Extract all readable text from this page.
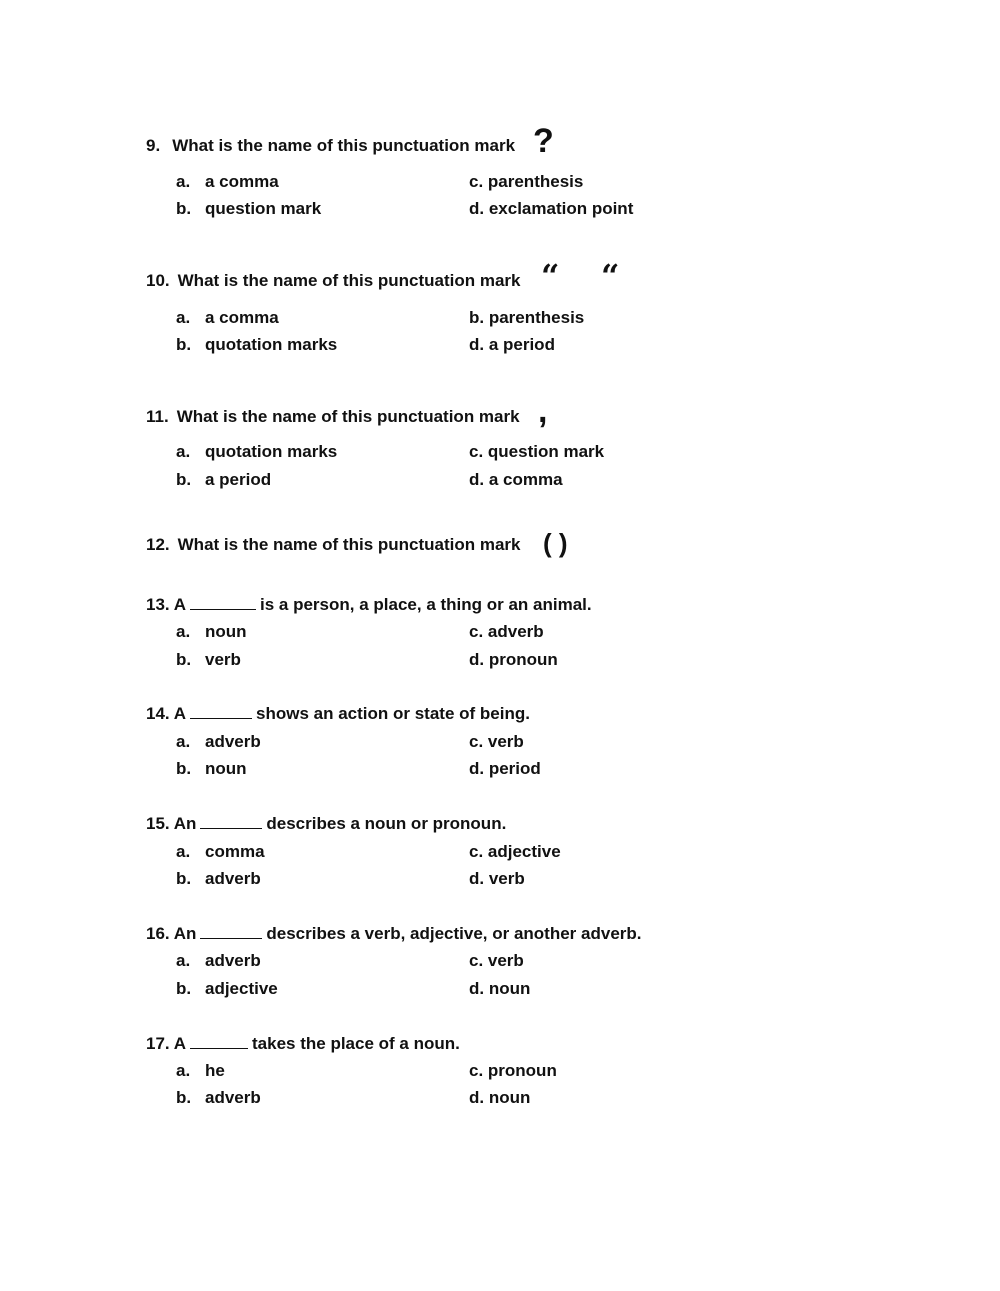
9. What is the name of this punctuation mark ?
a. a comma	c. parenthesis
b. question mark	d. exclamation point
10. What is the name of this punctuation mark “ “
a. a comma	b. parenthesis
b. quotation marks	d. a period
11. What is the name of this punctuation mark ,
a. quotation marks	c. question mark
b. a period	d. a comma
12. What is the name of this punctuation mark ( )
13. A	is a person, a place, a thing or an animal.
a. noun	c. adverb
b. verb	d. pronoun
14. A	shows an action or state of being.
a. adverb	c. verb
b. noun	d. period
15. An	describes a noun or pronoun.
a. comma	c. adjective
b. adverb	d. verb
16. An	describes a verb, adjective, or another adverb.
a. adverb	c. verb
b. adjective	d. noun
17. A	takes the place of a noun.
a. he	c. pronoun
b. adverb	d. noun
